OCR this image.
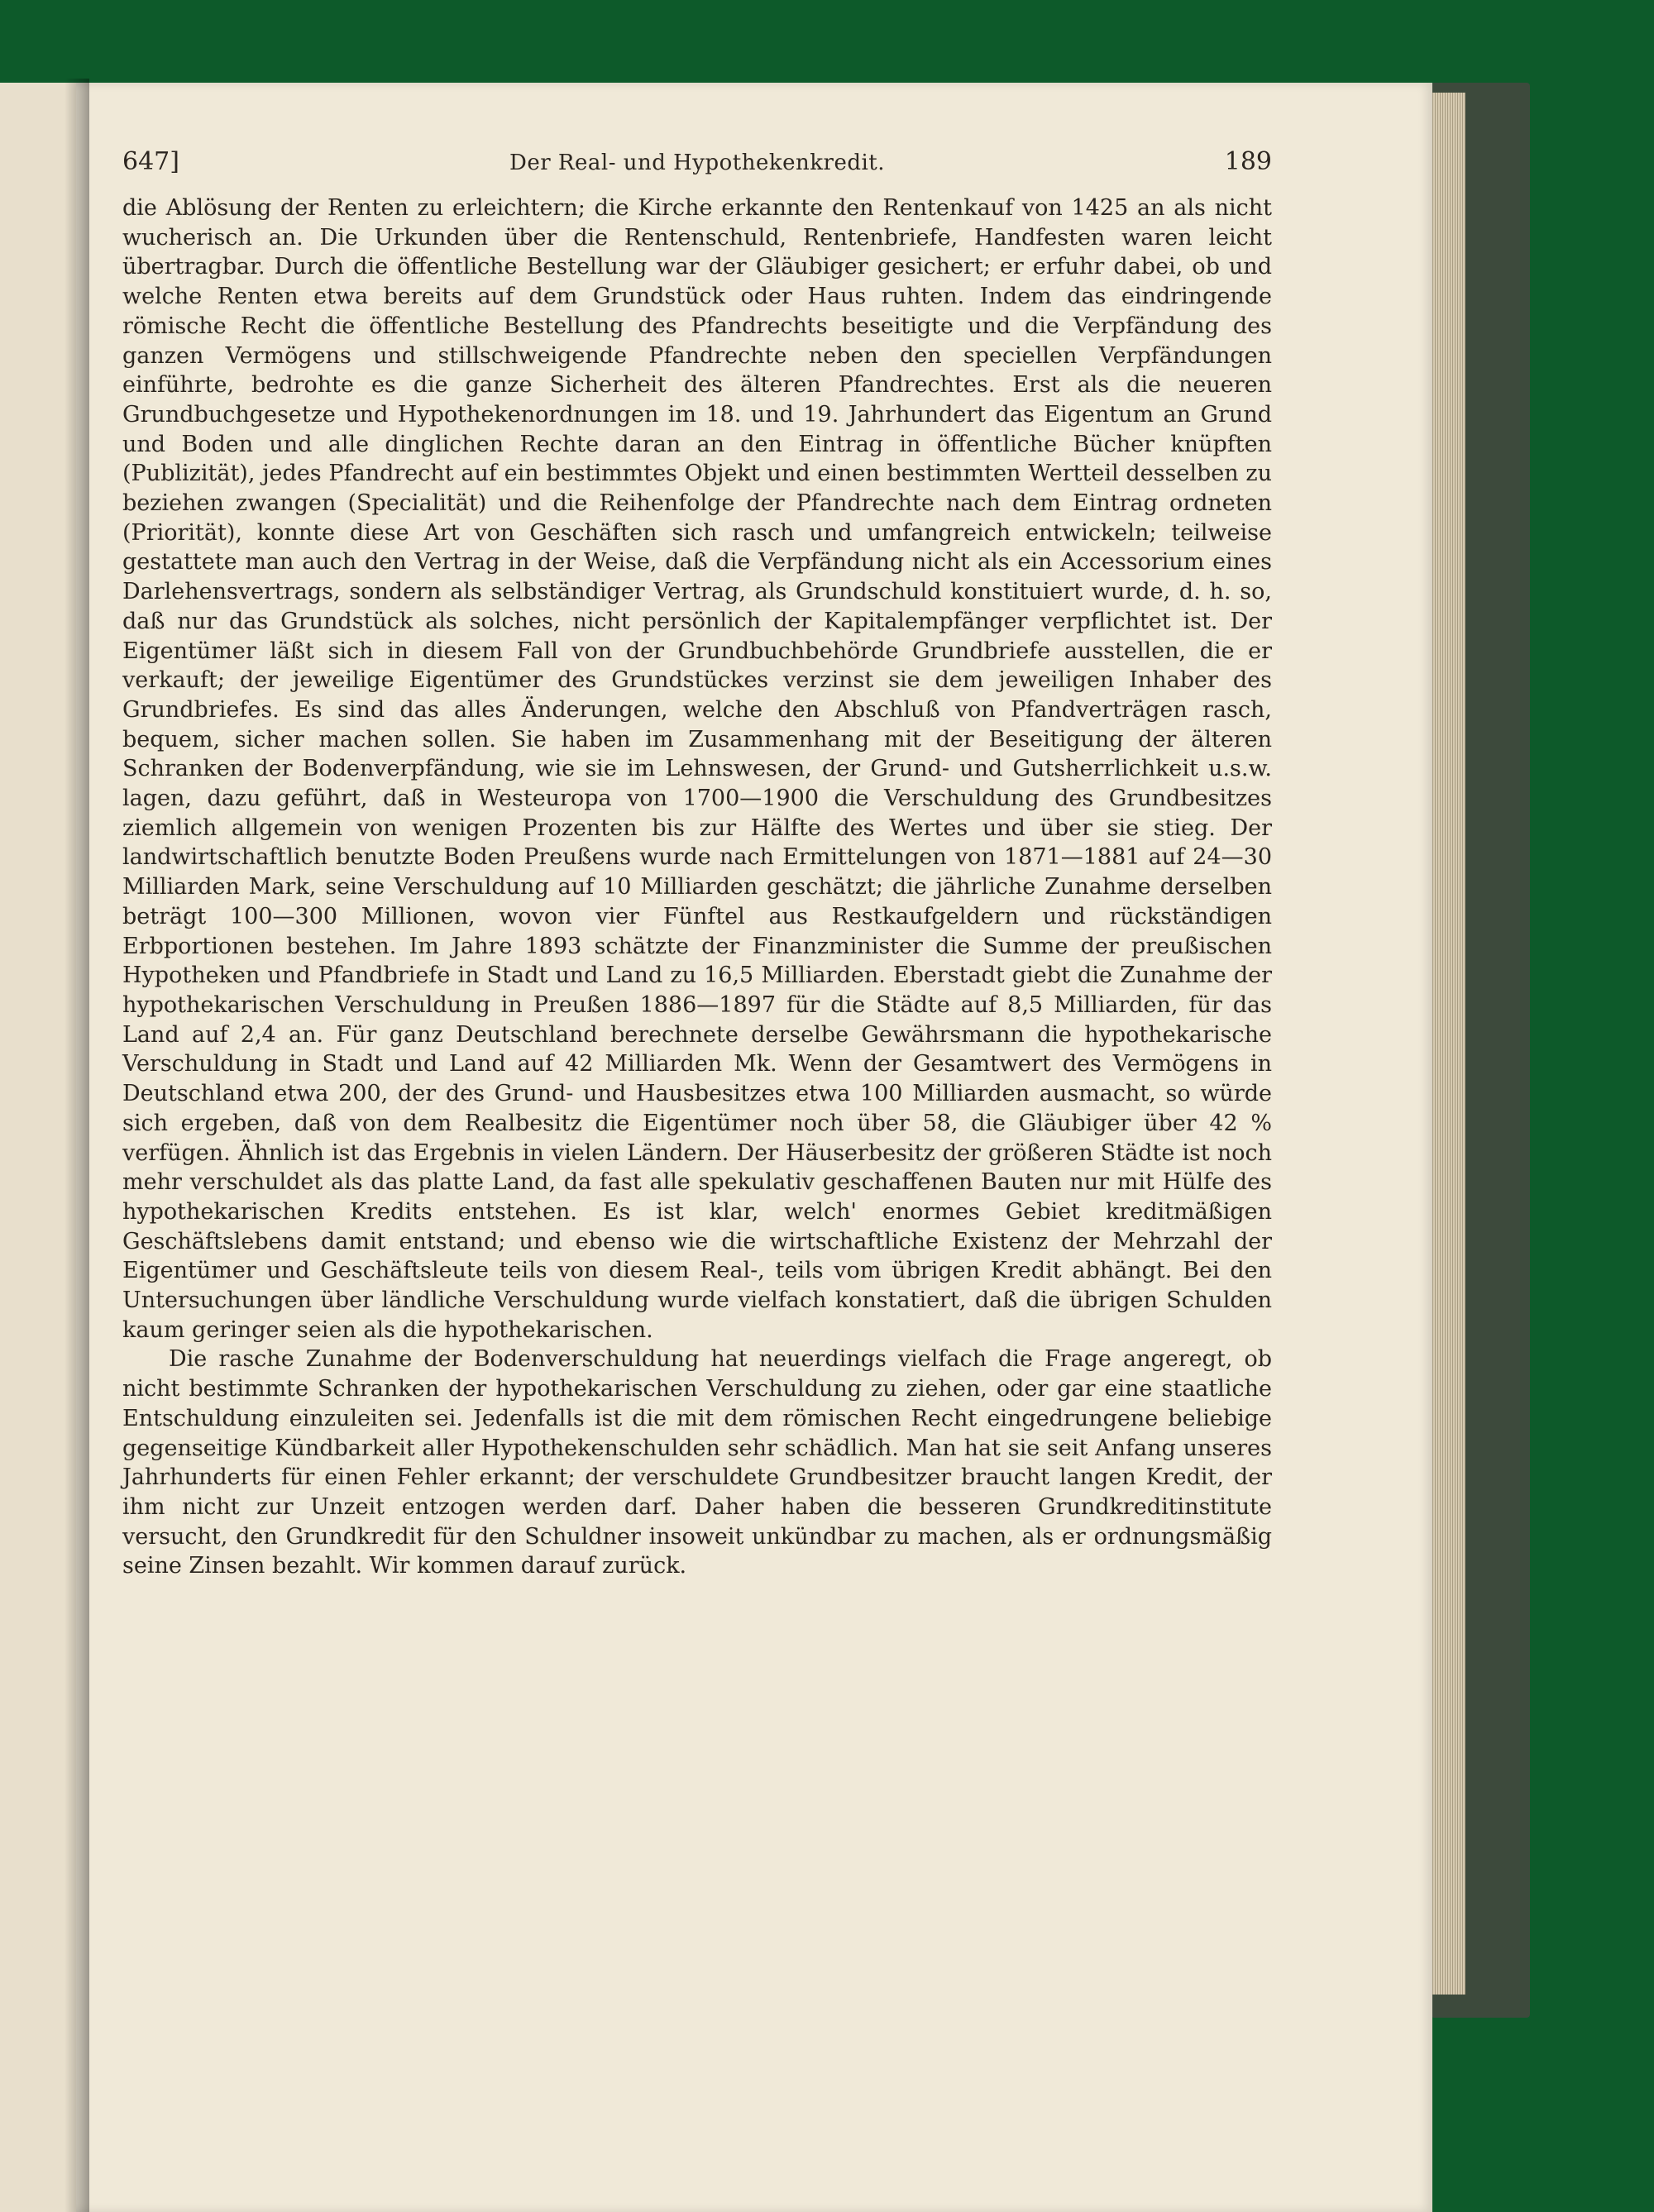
647]	Der Real- und Hypothekenkredit.	189

die Ablösung der Renten zu erleichtern; die Kirche erkannte den Rentenkauf von 1425 an als nicht wucherisch an. Die Urkunden über die Rentenschuld, Rentenbriefe, Handfesten waren leicht übertragbar. Durch die öffentliche Bestellung war der Gläubiger gesichert; er erfuhr dabei, ob und welche Renten etwa bereits auf dem Grundstück oder Haus ruhten. Indem das eindringende römische Recht die öffentliche Bestellung des Pfandrechts beseitigte und die Verpfändung des ganzen Vermögens und stillschweigende Pfandrechte neben den speciellen Verpfändungen einführte, bedrohte es die ganze Sicherheit des älteren Pfandrechtes. Erst als die neueren Grundbuchgesetze und Hypothekenordnungen im 18. und 19. Jahrhundert das Eigentum an Grund und Boden und alle dinglichen Rechte daran an den Eintrag in öffentliche Bücher knüpften (Publizität), jedes Pfandrecht auf ein bestimmtes Objekt und einen bestimmten Wertteil desselben zu beziehen zwangen (Specialität) und die Reihenfolge der Pfandrechte nach dem Eintrag ordneten (Priorität), konnte diese Art von Geschäften sich rasch und umfangreich entwickeln; teilweise gestattete man auch den Vertrag in der Weise, daß die Verpfändung nicht als ein Accessorium eines Darlehensvertrags, sondern als selbständiger Vertrag, als Grundschuld konstituiert wurde, d. h. so, daß nur das Grundstück als solches, nicht persönlich der Kapitalempfänger verpflichtet ist. Der Eigentümer läßt sich in diesem Fall von der Grundbuchbehörde Grundbriefe ausstellen, die er verkauft; der jeweilige Eigentümer des Grundstückes verzinst sie dem jeweiligen Inhaber des Grundbriefes. Es sind das alles Änderungen, welche den Abschluß von Pfandverträgen rasch, bequem, sicher machen sollen. Sie haben im Zusammenhang mit der Beseitigung der älteren Schranken der Bodenverpfändung, wie sie im Lehnswesen, der Grund- und Gutsherrlichkeit u.s.w. lagen, dazu geführt, daß in Westeuropa von 1700—1900 die Verschuldung des Grundbesitzes ziemlich allgemein von wenigen Prozenten bis zur Hälfte des Wertes und über sie stieg. Der landwirtschaftlich benutzte Boden Preußens wurde nach Ermittelungen von 1871—1881 auf 24—30 Milliarden Mark, seine Verschuldung auf 10 Milliarden geschätzt; die jährliche Zunahme derselben beträgt 100—300 Millionen, wovon vier Fünftel aus Restkaufgeldern und rückständigen Erbportionen bestehen. Im Jahre 1893 schätzte der Finanzminister die Summe der preußischen Hypotheken und Pfandbriefe in Stadt und Land zu 16,5 Milliarden. Eberstadt giebt die Zunahme der hypothekarischen Verschuldung in Preußen 1886—1897 für die Städte auf 8,5 Milliarden, für das Land auf 2,4 an. Für ganz Deutschland berechnete derselbe Gewährsmann die hypothekarische Verschuldung in Stadt und Land auf 42 Milliarden Mk. Wenn der Gesamtwert des Vermögens in Deutschland etwa 200, der des Grund- und Hausbesitzes etwa 100 Milliarden ausmacht, so würde sich ergeben, daß von dem Realbesitz die Eigentümer noch über 58, die Gläubiger über 42 % verfügen. Ähnlich ist das Ergebnis in vielen Ländern. Der Häuserbesitz der größeren Städte ist noch mehr verschuldet als das platte Land, da fast alle spekulativ geschaffenen Bauten nur mit Hülfe des hypothekarischen Kredits entstehen. Es ist klar, welch' enormes Gebiet kreditmäßigen Geschäftslebens damit entstand; und ebenso wie die wirtschaftliche Existenz der Mehrzahl der Eigentümer und Geschäftsleute teils von diesem Real-, teils vom übrigen Kredit abhängt. Bei den Untersuchungen über ländliche Verschuldung wurde vielfach konstatiert, daß die übrigen Schulden kaum geringer seien als die hypothekarischen.

Die rasche Zunahme der Bodenverschuldung hat neuerdings vielfach die Frage angeregt, ob nicht bestimmte Schranken der hypothekarischen Verschuldung zu ziehen, oder gar eine staatliche Entschuldung einzuleiten sei. Jedenfalls ist die mit dem römischen Recht eingedrungene beliebige gegenseitige Kündbarkeit aller Hypothekenschulden sehr schädlich. Man hat sie seit Anfang unseres Jahrhunderts für einen Fehler erkannt; der verschuldete Grundbesitzer braucht langen Kredit, der ihm nicht zur Unzeit entzogen werden darf. Daher haben die besseren Grundkreditinstitute versucht, den Grundkredit für den Schuldner insoweit unkündbar zu machen, als er ordnungsmäßig seine Zinsen bezahlt. Wir kommen darauf zurück.
